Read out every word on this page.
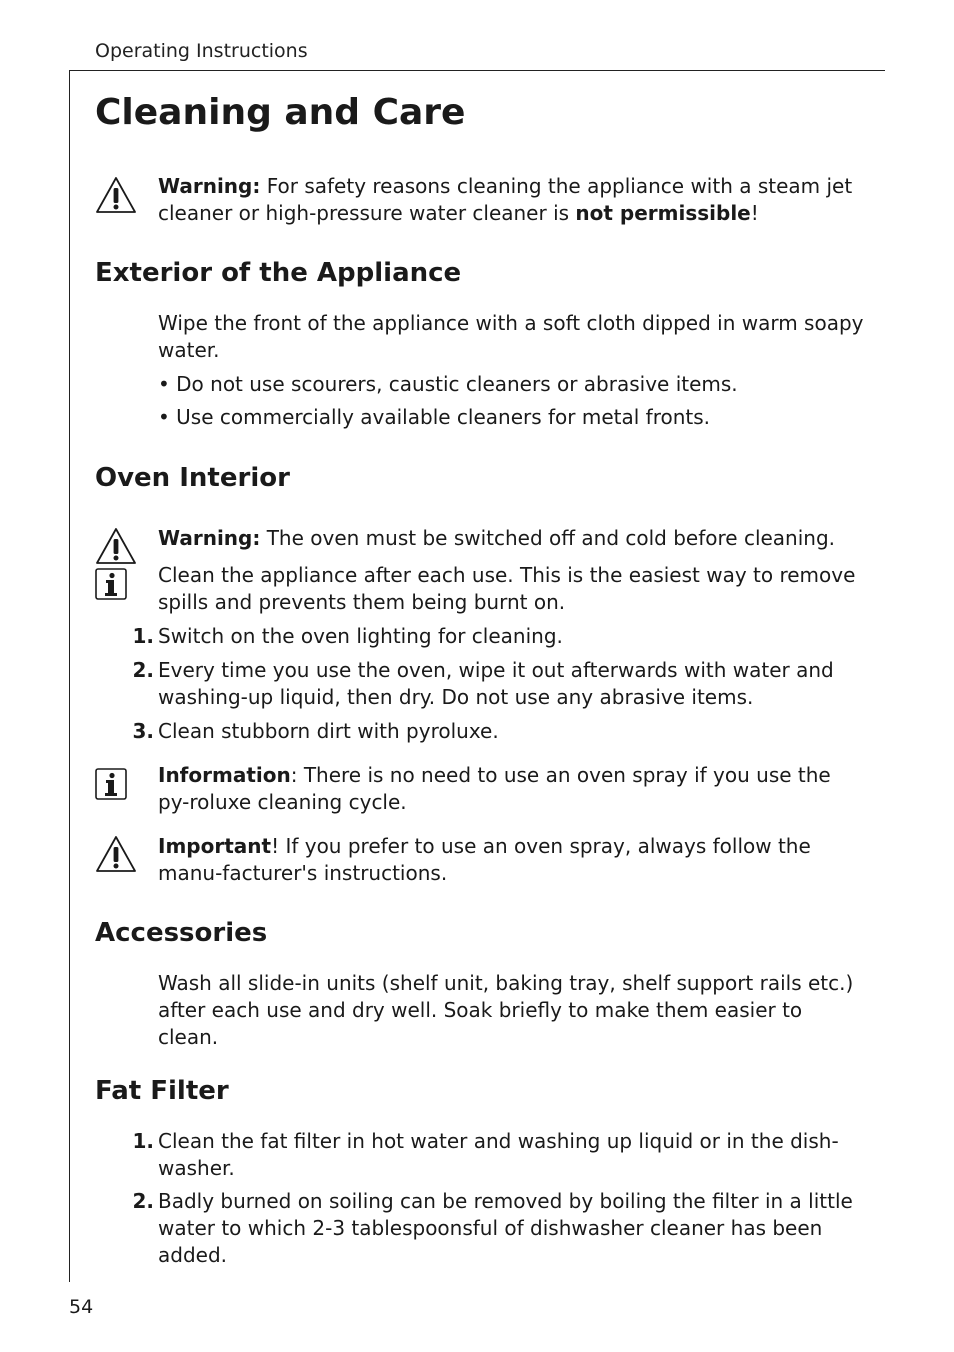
Operating Instructions
Cleaning and Care
Warning: For safety reasons cleaning the appliance with a steam jet cleaner or high-pressure water cleaner is not permissible!
Exterior of the Appliance
Wipe the front of the appliance with a soft cloth dipped in warm soapy water.
• Do not use scourers, caustic cleaners or abrasive items.
• Use commercially available cleaners for metal fronts.
Oven Interior
Warning: The oven must be switched off and cold before cleaning.
Clean the appliance after each use. This is the easiest way to remove spills and prevents them being burnt on.
1. Switch on the oven lighting for cleaning.
2. Every time you use the oven, wipe it out afterwards with water and washing-up liquid, then dry. Do not use any abrasive items.
3. Clean stubborn dirt with pyroluxe.
Information: There is no need to use an oven spray if you use the py-roluxe cleaning cycle.
Important! If you prefer to use an oven spray, always follow the manu-facturer's instructions.
Accessories
Wash all slide-in units (shelf unit, baking tray, shelf support rails etc.) after each use and dry well. Soak briefly to make them easier to clean.
Fat Filter
1. Clean the fat filter in hot water and washing up liquid or in the dish-washer.
2. Badly burned on soiling can be removed by boiling the filter in a little water to which 2-3 tablespoonsful of dishwasher cleaner has been added.
54
